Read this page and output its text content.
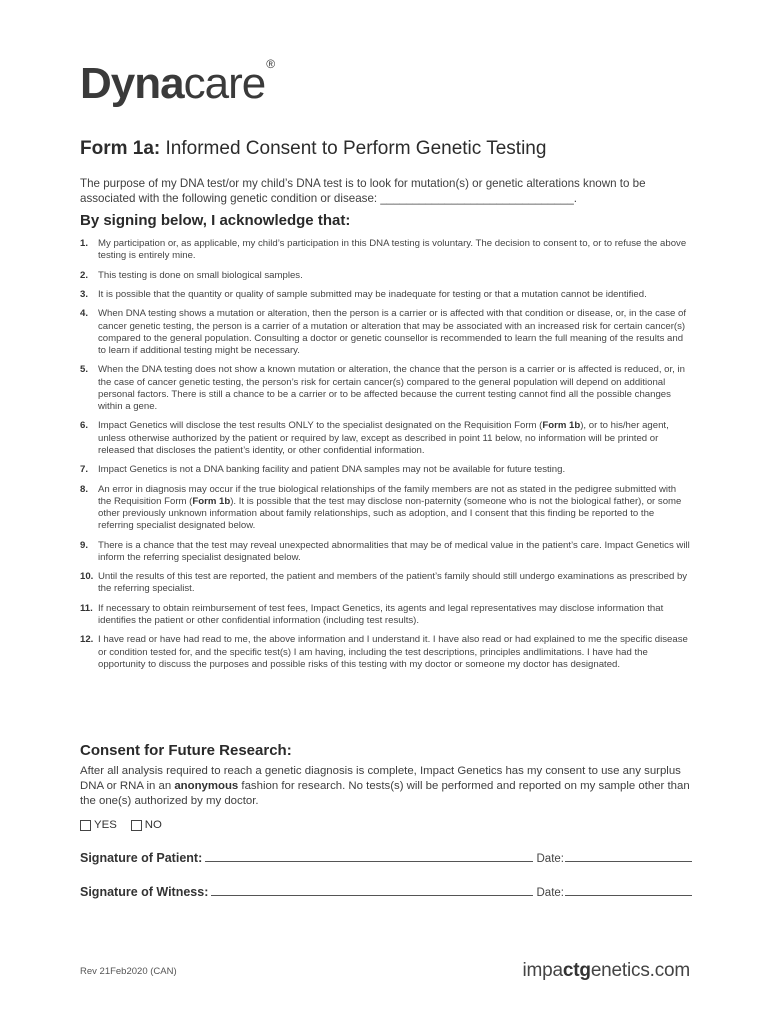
Dynacare®
Form 1a: Informed Consent to Perform Genetic Testing
The purpose of my DNA test/or my child’s DNA test is to look for mutation(s) or genetic alterations known to be associated with the following genetic condition or disease: ______________________________.
By signing below, I acknowledge that:
1. My participation or, as applicable, my child’s participation in this DNA testing is voluntary. The decision to consent to, or to refuse the above testing is entirely mine.
2. This testing is done on small biological samples.
3. It is possible that the quantity or quality of sample submitted may be inadequate for testing or that a mutation cannot be identified.
4. When DNA testing shows a mutation or alteration, then the person is a carrier or is affected with that condition or disease, or, in the case of cancer genetic testing, the person is a carrier of a mutation or alteration that may be associated with an increased risk for certain cancer(s) compared to the general population. Consulting a doctor or genetic counsellor is recommended to learn the full meaning of the results and to learn if additional testing might be necessary.
5. When the DNA testing does not show a known mutation or alteration, the chance that the person is a carrier or is affected is reduced, or, in the case of cancer genetic testing, the person’s risk for certain cancer(s) compared to the general population will depend on additional personal factors. There is still a chance to be a carrier or to be affected because the current testing cannot find all the possible changes within a gene.
6. Impact Genetics will disclose the test results ONLY to the specialist designated on the Requisition Form (Form 1b), or to his/her agent, unless otherwise authorized by the patient or required by law, except as described in point 11 below, no information will be printed or released that discloses the patient’s identity, or other confidential information.
7. Impact Genetics is not a DNA banking facility and patient DNA samples may not be available for future testing.
8. An error in diagnosis may occur if the true biological relationships of the family members are not as stated in the pedigree submitted with the Requisition Form (Form 1b). It is possible that the test may disclose non-paternity (someone who is not the biological father), or some other previously unknown information about family relationships, such as adoption, and I consent that this finding be reported to the referring specialist designated below.
9. There is a chance that the test may reveal unexpected abnormalities that may be of medical value in the patient’s care. Impact Genetics will inform the referring specialist designated below.
10. Until the results of this test are reported, the patient and members of the patient’s family should still undergo examinations as prescribed by the referring specialist.
11. If necessary to obtain reimbursement of test fees, Impact Genetics, its agents and legal representatives may disclose information that identifies the patient or other confidential information (including test results).
12. I have read or have had read to me, the above information and I understand it. I have also read or had explained to me the specific disease or condition tested for, and the specific test(s) I am having, including the test descriptions, principles andlimitations. I have had the opportunity to discuss the purposes and possible risks of this testing with my doctor or someone my doctor has designated.
Consent for Future Research:
After all analysis required to reach a genetic diagnosis is complete, Impact Genetics has my consent to use any surplus DNA or RNA in an anonymous fashion for research. No tests(s) will be performed and reported on my sample other than the one(s) authorized by my doctor.
YES NO
Signature of Patient:	Date:
Signature of Witness:	Date:
Rev 21Feb2020 (CAN)	impactgenetics.com
